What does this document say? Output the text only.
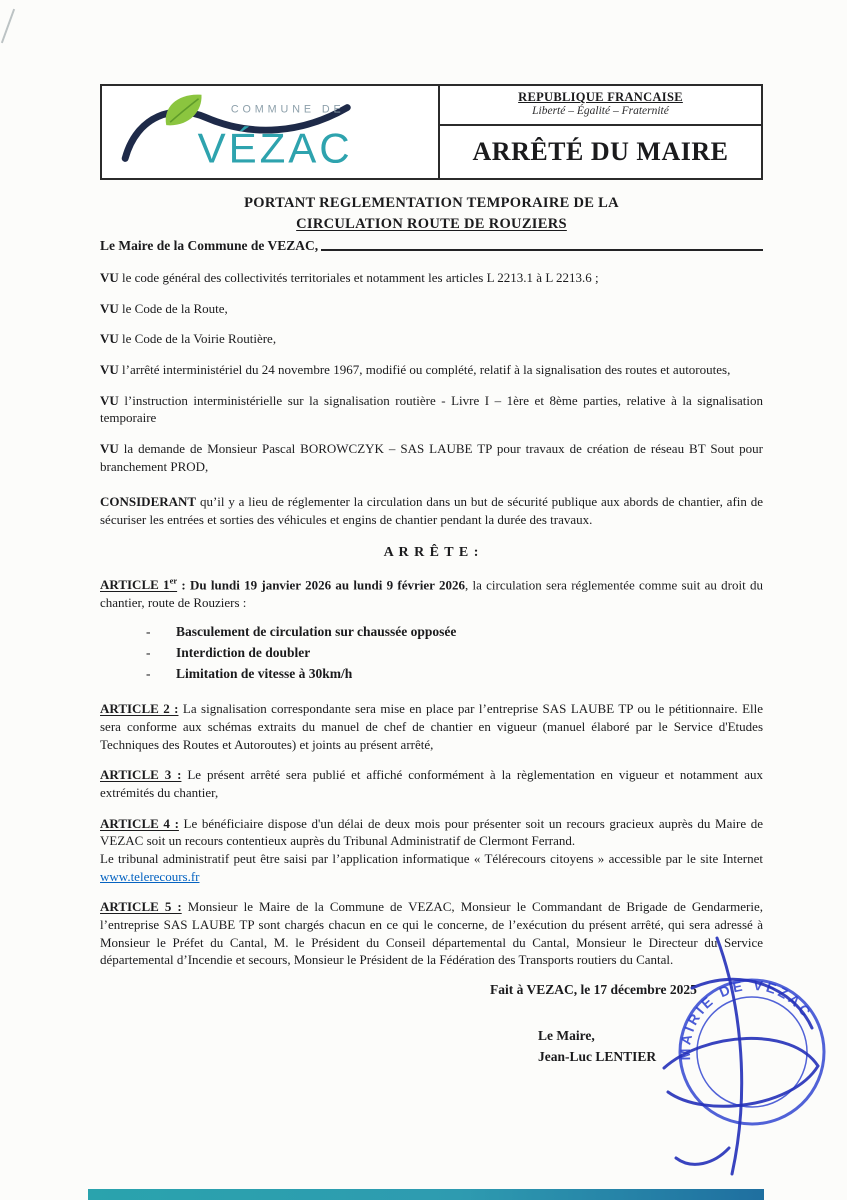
COMMUNE DE
VÉZAC
REPUBLIQUE FRANCAISE
Liberté – Égalité – Fraternité
ARRÊTÉ DU MAIRE
PORTANT REGLEMENTATION TEMPORAIRE DE LA
CIRCULATION ROUTE DE ROUZIERS
Le Maire de la Commune de VEZAC,

VU le code général des collectivités territoriales et notamment les articles L 2213.1 à L 2213.6 ;

VU le Code de la Route,

VU le Code de la Voirie Routière,

VU l’arrêté interministériel du 24 novembre 1967, modifié ou complété, relatif à la signalisation des routes et autoroutes,

VU l’instruction interministérielle sur la signalisation routière - Livre I – 1ère et 8ème parties, relative à la signalisation temporaire

VU la demande de Monsieur Pascal BOROWCZYK – SAS LAUBE TP pour travaux de création de réseau BT Sout pour branchement PROD,

CONSIDERANT qu’il y a lieu de réglementer la circulation dans un but de sécurité publique aux abords de chantier, afin de sécuriser les entrées et sorties des véhicules et engins de chantier pendant la durée des travaux.

A R R Ê T E :

ARTICLE 1er : Du lundi 19 janvier 2026 au lundi 9 février 2026, la circulation sera réglementée comme suit au droit du chantier, route de Rouziers :

-	Basculement de circulation sur chaussée opposée
-	Interdiction de doubler
-	Limitation de vitesse à 30km/h

ARTICLE 2 : La signalisation correspondante sera mise en place par l’entreprise SAS LAUBE TP ou le pétitionnaire. Elle sera conforme aux schémas extraits du manuel de chef de chantier en vigueur (manuel élaboré par le Service d'Etudes Techniques des Routes et Autoroutes) et joints au présent arrêté,

ARTICLE 3 : Le présent arrêté sera publié et affiché conformément à la règlementation en vigueur et notamment aux extrémités du chantier,

ARTICLE 4 : Le bénéficiaire dispose d'un délai de deux mois pour présenter soit un recours gracieux auprès du Maire de VEZAC soit un recours contentieux auprès du Tribunal Administratif de Clermont Ferrand.
Le tribunal administratif peut être saisi par l’application informatique « Télérecours citoyens » accessible par le site Internet www.telerecours.fr

ARTICLE 5 : Monsieur le Maire de la Commune de VEZAC, Monsieur le Commandant de Brigade de Gendarmerie, l’entreprise SAS LAUBE TP sont chargés chacun en ce qui le concerne, de l’exécution du présent arrêté, qui sera adressé à Monsieur le Préfet du Cantal, M. le Président du Conseil départemental du Cantal, Monsieur le Directeur du Service départemental d’Incendie et secours, Monsieur le Président de la Fédération des Transports routiers du Cantal.

Fait à VEZAC, le 17 décembre 2025
Le Maire,
Jean-Luc LENTIER	MAIRIE DE VEZAC
